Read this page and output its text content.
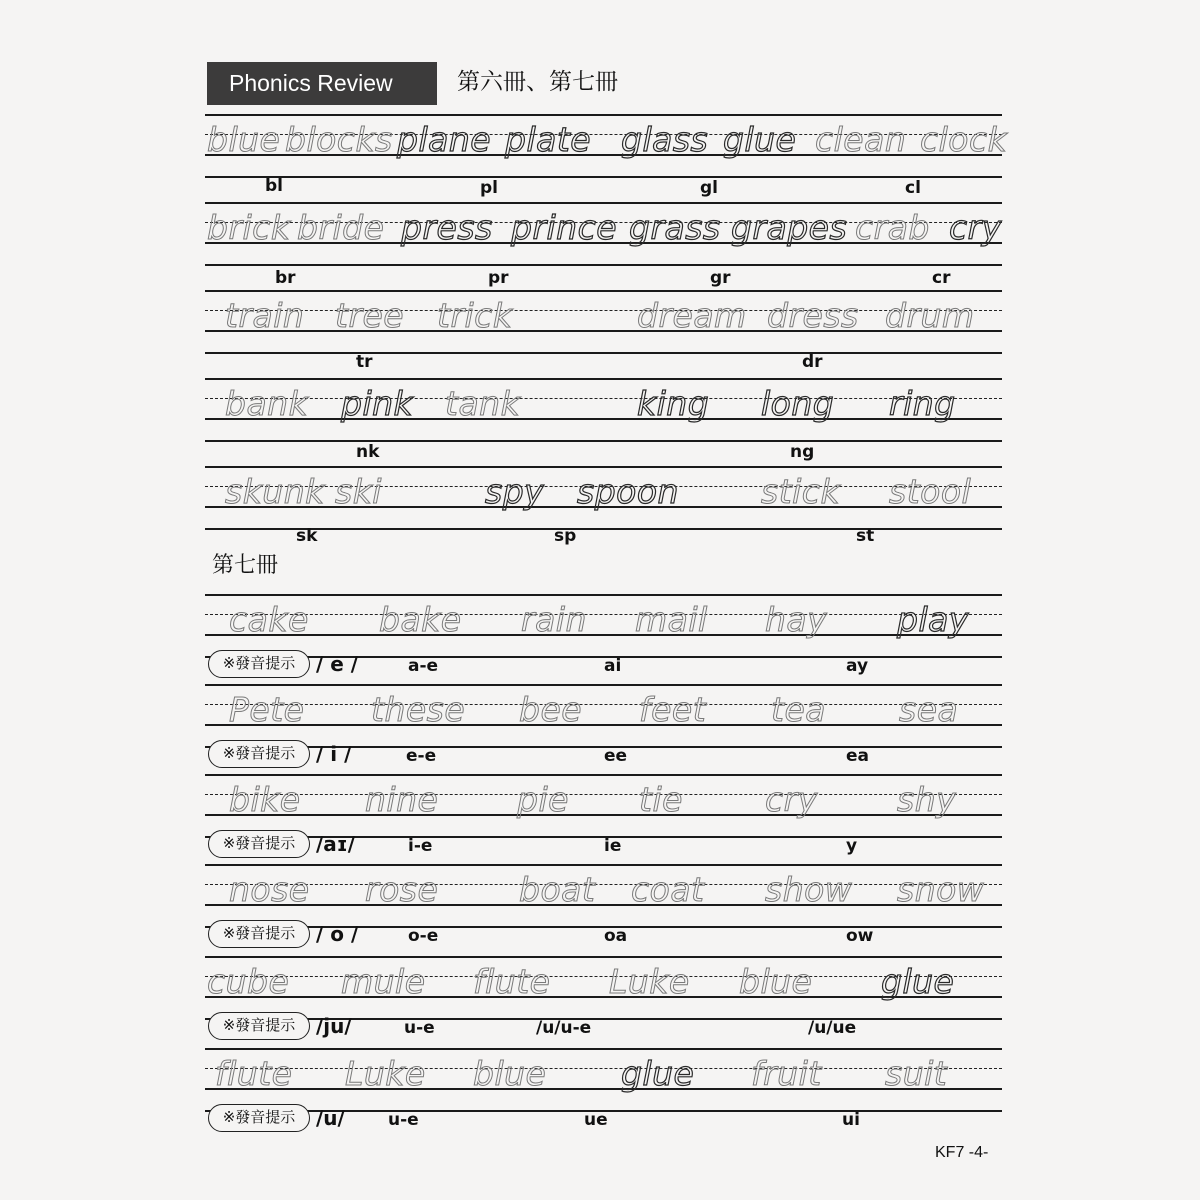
Phonics Review	第六冊、第七冊
第七冊
KF7 -4-
blue blocks plane plate glass glue clean clock
bl	pl	gl	cl
brick bride press prince grass grapes crab cry
br	pr	gr	cr
train tree trick	dream dress drum
tr	dr
bank pink tank	king long ring
nk	ng
skunk ski	spy spoon stick stool
sk	sp	st
cake bake rain mail hay play
a-e	ai	ay
※發音提示	/ e /
Pete these bee feet tea sea
e-e	ee	ea
※發音提示	/ i /
bike nine pie tie cry shy
i-e	ie	y
※發音提示	/aɪ/
nose rose boat coat show snow
o-e	oa	ow
※發音提示	/ o /
cube mule flute Luke blue glue
u-e	/u/u-e	/u/ue
※發音提示	/ju/
flute Luke blue glue fruit suit
u-e	ue	ui
※發音提示	/u/
